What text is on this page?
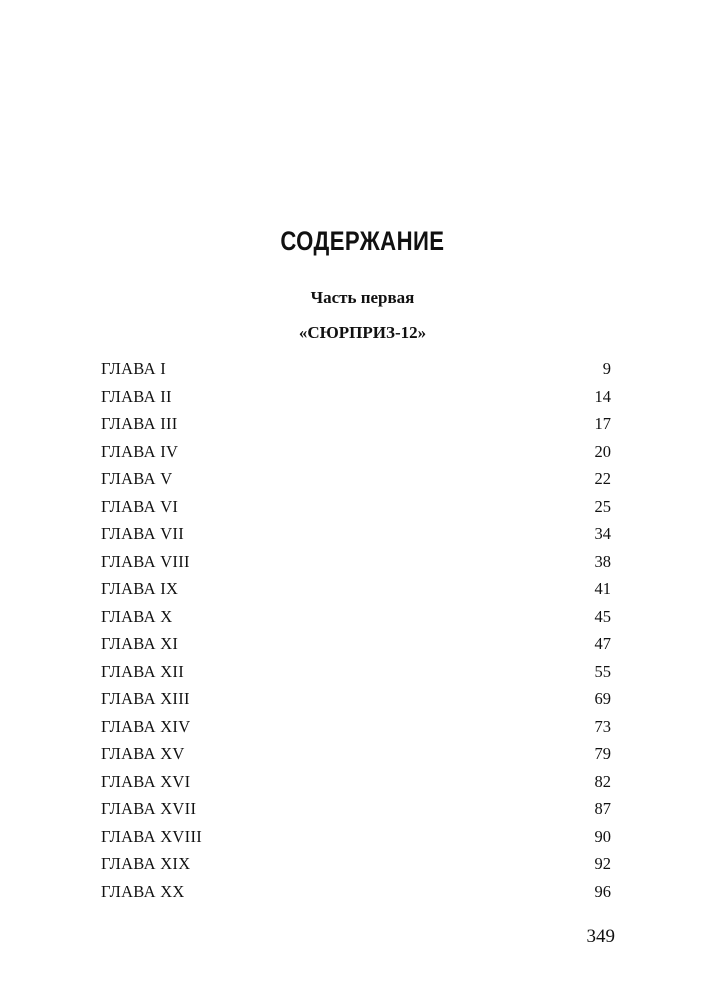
СОДЕРЖАНИЕ
Часть первая
«СЮРПРИЗ-12»
ГЛАВА I	9
ГЛАВА II	14
ГЛАВА III	17
ГЛАВА IV	20
ГЛАВА V	22
ГЛАВА VI	25
ГЛАВА VII	34
ГЛАВА VIII	38
ГЛАВА IX	41
ГЛАВА X	45
ГЛАВА XI	47
ГЛАВА XII	55
ГЛАВА XIII	69
ГЛАВА XIV	73
ГЛАВА XV	79
ГЛАВА XVI	82
ГЛАВА XVII	87
ГЛАВА XVIII	90
ГЛАВА XIX	92
ГЛАВА XX	96
349
